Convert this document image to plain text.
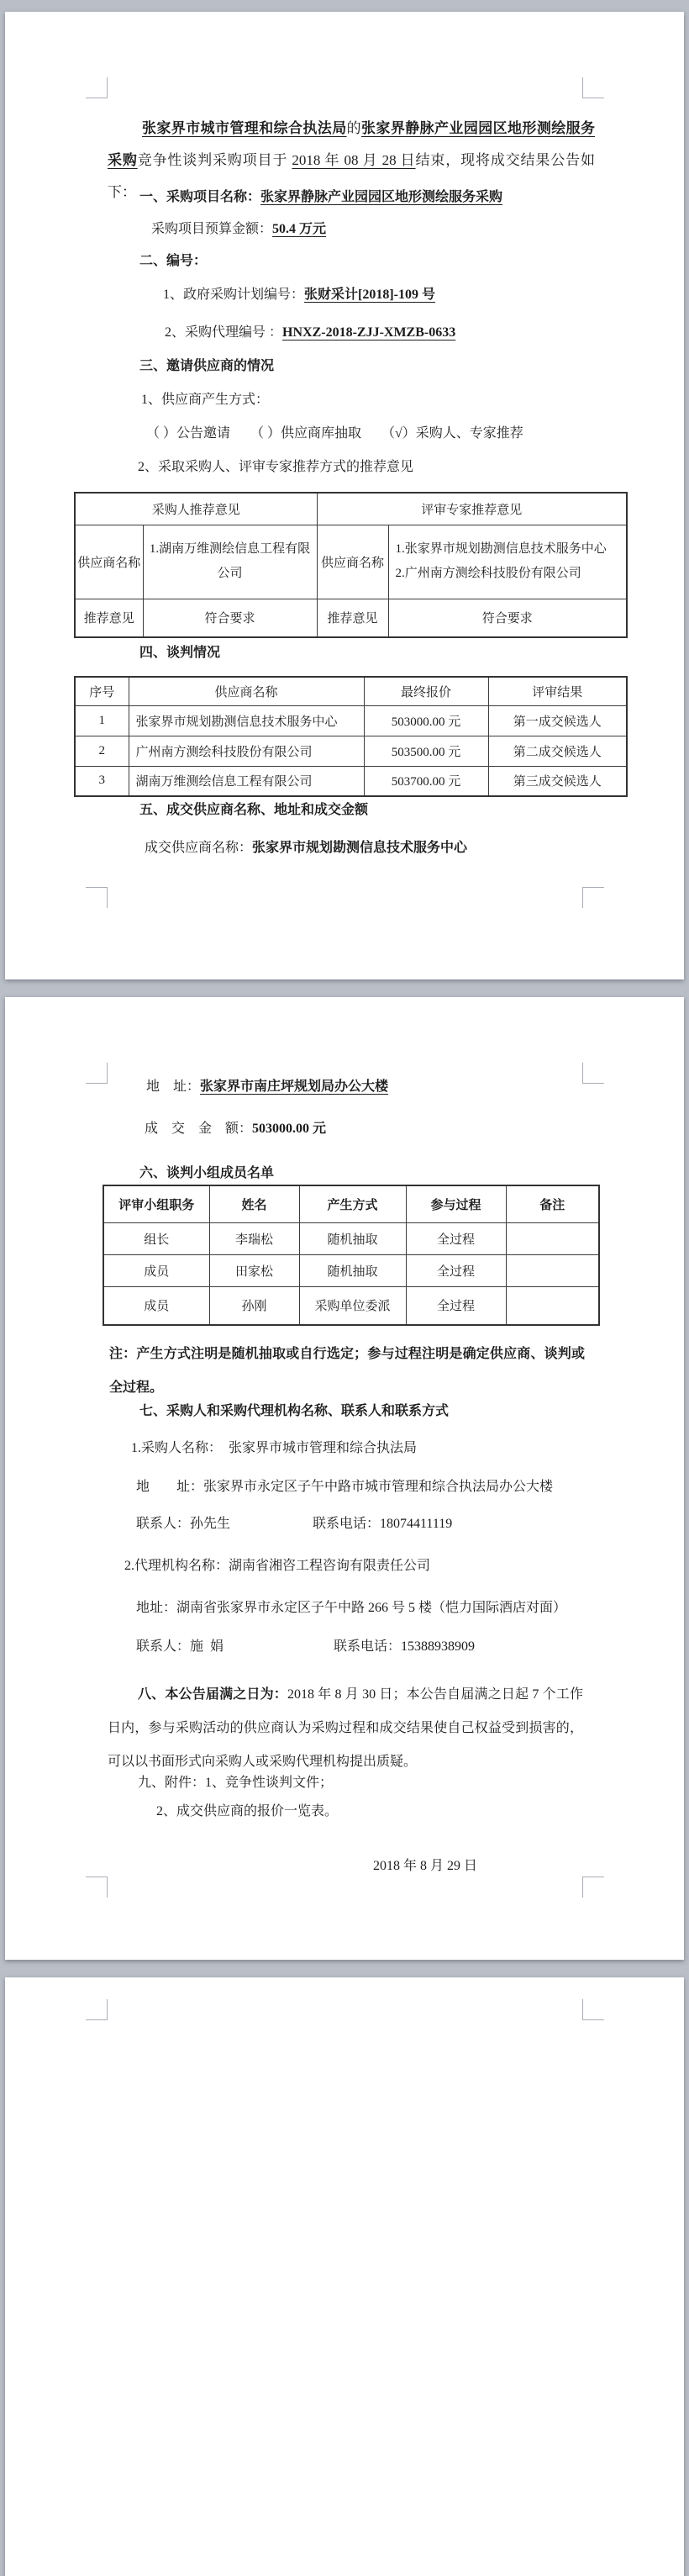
张家界市城市管理和综合执法局的张家界静脉产业园园区地形测绘服务采购竞争性谈判采购项目于 2018 年 08 月 28 日结束，现将成交结果公告如下： 一、采购项目名称：张家界静脉产业园园区地形测绘服务采购
采购项目预算金额：50.4 万元
二、编号：
1、政府采购计划编号：张财采计[2018]-109 号
2、采购代理编号 ：HNXZ-2018-ZJJ-XMZB-0633
三、邀请供应商的情况
1、供应商产生方式：
（ ）公告邀请　　（ ）供应商库抽取　　（√）采购人、专家推荐
2、采取采购人、评审专家推荐方式的推荐意见
采购人推荐意见		评审专家推荐意见	
供应商名称	1.湖南万维测绘信息工程有限公司	供应商名称	1.张家界市规划勘测信息技术服务中心
2.广州南方测绘科技股份有限公司

推荐意见	符合要求	推荐意见	符合要求
四、谈判情况
序号	供应商名称	最终报价	评审结果
1	张家界市规划勘测信息技术服务中心	503000.00 元	第一成交候选人
2	广州南方测绘科技股份有限公司	503500.00 元	第二成交候选人
3	湖南万维测绘信息工程有限公司	503700.00 元	第三成交候选人
五、成交供应商名称、地址和成交金额
成交供应商名称：张家界市规划勘测信息技术服务中心
地　址：张家界市南庄坪规划局办公大楼
成　交　金　额：503000.00 元
六、谈判小组成员名单
评审小组职务	姓名	产生方式	参与过程	备注
组长	李瑞松	随机抽取	全过程	
成员	田家松	随机抽取	全过程	
成员	孙刚	采购单位委派	全过程	
注：产生方式注明是随机抽取或自行选定；参与过程注明是确定供应商、谈判或全过程。
七、采购人和采购代理机构名称、联系人和联系方式
1.采购人名称：  张家界市城市管理和综合执法局
地　　址：张家界市永定区子午中路市城市管理和综合执法局办公大楼
联系人：孙先生	联系电话：18074411119
2.代理机构名称：湖南省湘咨工程咨询有限责任公司
地址：湖南省张家界市永定区子午中路 266 号 5 楼（恺力国际酒店对面）
联系人：施  娟	联系电话：15388938909
八、本公告届满之日为：2018 年 8 月 30 日；本公告自届满之日起 7 个工作日内，参与采购活动的供应商认为采购过程和成交结果使自己权益受到损害的，可以以书面形式向采购人或采购代理机构提出质疑。
九、附件：1、竞争性谈判文件；
2、成交供应商的报价一览表。
2018 年 8 月 29 日
